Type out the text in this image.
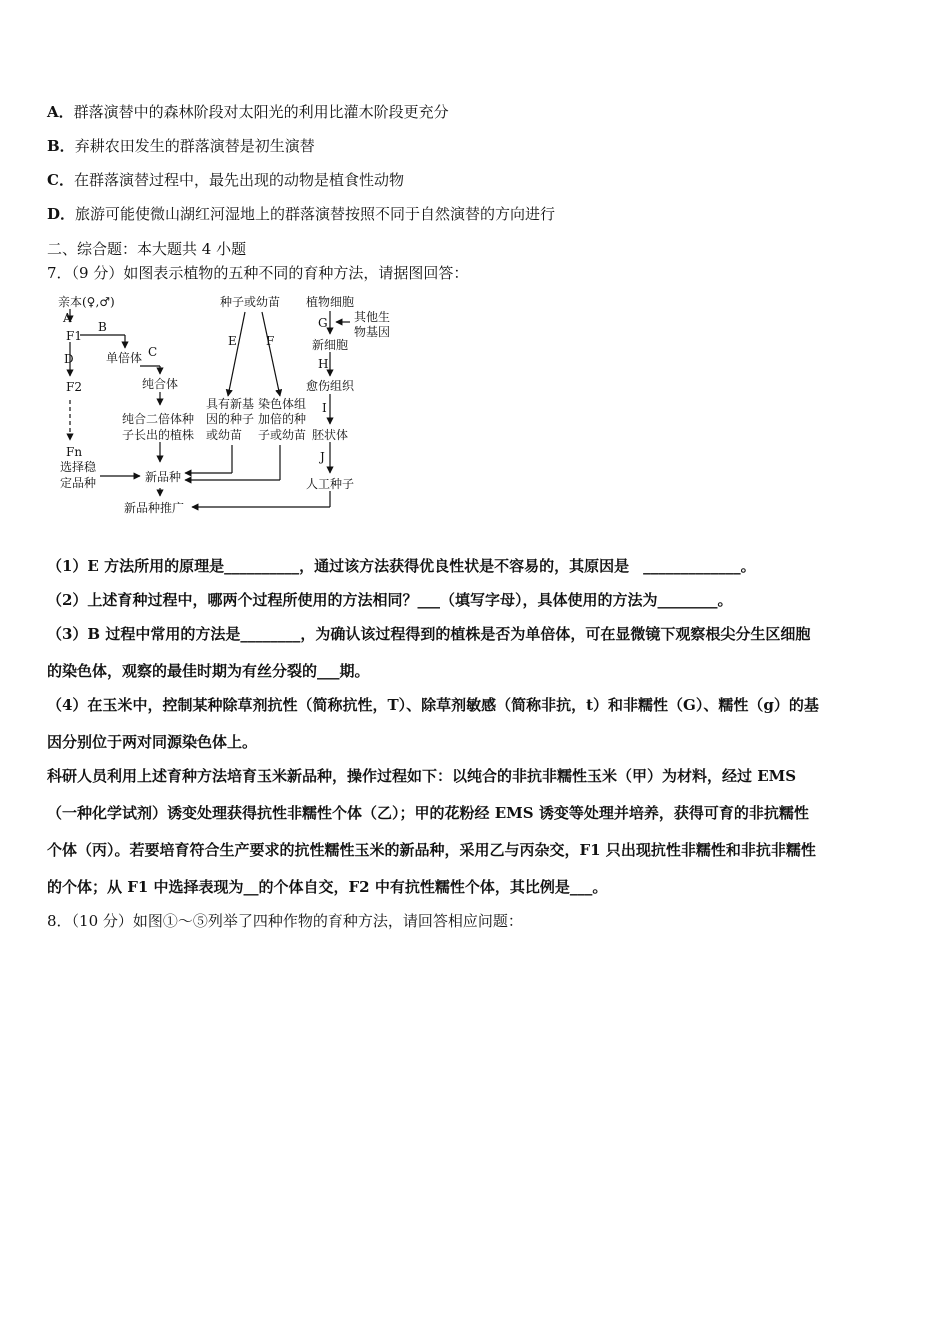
A．群落演替中的森林阶段对太阳光的利用比灌木阶段更充分
B．弃耕农田发生的群落演替是初生演替
C．在群落演替过程中，最先出现的动物是植食性动物
D．旅游可能使微山湖红河湿地上的群落演替按照不同于自然演替的方向进行
二、综合题：本大题共 4 小题
7．（9 分）如图表示植物的五种不同的育种方法，请据图回答：
亲本(♀,♂)
A
F1
B
D
F2
Fn
选择稳
定品种
单倍体 C
纯合体
纯合二倍体种
子长出的植株
新品种
新品种推广
种子或幼苗
E F
具有新基
因的种子
或幼苗
染色体组
加倍的种
子或幼苗
植物细胞
G 其他生
物基因
新细胞
H
愈伤组织
I
胚状体
J
人工种子
（1）E 方法所用的原理是__________，通过该方法获得优良性状是不容易的，其原因是 _____________。
（2）上述育种过程中，哪两个过程所使用的方法相同？___（填写字母），具体使用的方法为________。
（3）B 过程中常用的方法是________，为确认该过程得到的植株是否为单倍体，可在显微镜下观察根尖分生区细胞
的染色体，观察的最佳时期为有丝分裂的___期。
（4）在玉米中，控制某种除草剂抗性（简称抗性，T）、除草剂敏感（简称非抗，t）和非糯性（G）、糯性（g）的基
因分别位于两对同源染色体上。
科研人员利用上述育种方法培育玉米新品种，操作过程如下：以纯合的非抗非糯性玉米（甲）为材料，经过 EMS
（一种化学试剂）诱变处理获得抗性非糯性个体（乙）；甲的花粉经 EMS 诱变等处理并培养，获得可育的非抗糯性
个体（丙）。若要培育符合生产要求的抗性糯性玉米的新品种，采用乙与丙杂交，F1 只出现抗性非糯性和非抗非糯性
的个体；从 F1 中选择表现为__的个体自交，F2 中有抗性糯性个体，其比例是___。
8．（10 分）如图①～⑤列举了四种作物的育种方法，请回答相应问题：
